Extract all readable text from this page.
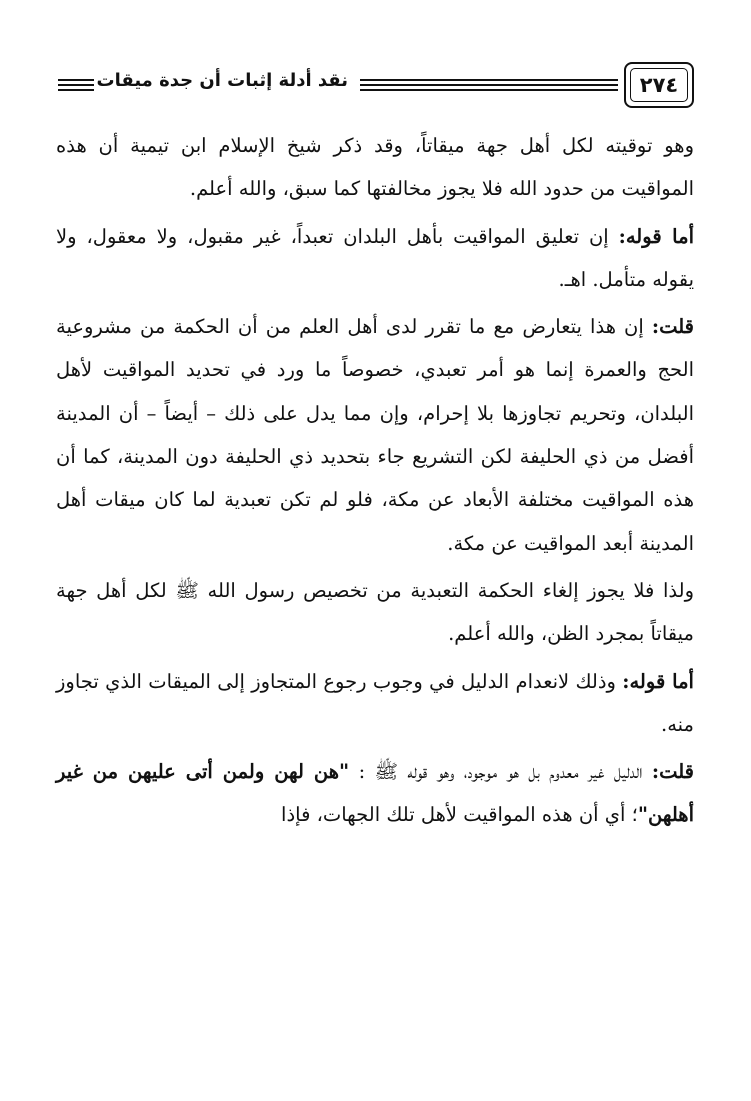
٢٧٤
نقد أدلة إثبات أن جدة ميقات

وهو توقيته لكل أهل جهة ميقاتاً، وقد ذكر شيخ الإسلام ابن تيمية أن هذه المواقيت من حدود الله فلا يجوز مخالفتها كما سبق، والله أعلم.

أما قوله: إن تعليق المواقيت بأهل البلدان تعبداً، غير مقبول، ولا معقول، ولا يقوله متأمل. اهـ.

قلت: إن هذا يتعارض مع ما تقرر لدى أهل العلم من أن الحكمة من مشروعية الحج والعمرة إنما هو أمر تعبدي، خصوصاً ما ورد في تحديد المواقيت لأهل البلدان، وتحريم تجاوزها بلا إحرام، وإن مما يدل على ذلك – أيضاً – أن المدينة أفضل من ذي الحليفة لكن التشريع جاء بتحديد ذي الحليفة دون المدينة، كما أن هذه المواقيت مختلفة الأبعاد عن مكة، فلو لم تكن تعبدية لما كان ميقات أهل المدينة أبعد المواقيت عن مكة.

ولذا فلا يجوز إلغاء الحكمة التعبدية من تخصيص رسول الله ﷺ لكل أهل جهة ميقاتاً بمجرد الظن، والله أعلم.

أما قوله: وذلك لانعدام الدليل في وجوب رجوع المتجاوز إلى الميقات الذي تجاوز منه.

قلت: الدليل غير معدوم بل هو موجود، وهو قوله ﷺ : "هن لهن ولمن أتى عليهن من غير أهلهن"؛ أي أن هذه المواقيت لأهل تلك الجهات، فإذا
